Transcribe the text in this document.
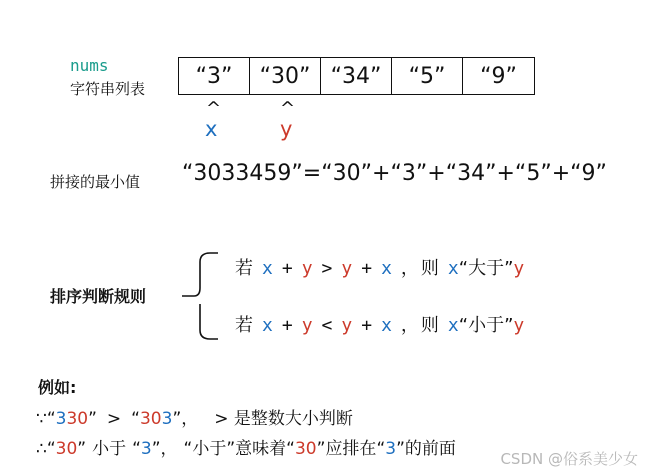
nums
字符串列表
“3”	“30” “34”	“5”	“9”
^
x
^
y
拼接的最小值 “3033459”=“30”+“3”+“34”+“5”+“9”
排序判断规则
若 x + y > y + x ， 则 x“大于”y
若 x + y < y + x ， 则 x“小于”y
例如:
∵“330” > “303”， > 是整数大小判断
∴“30” 小于 “3”， “小于”意味着“30”应排在“3”的前面	CSDN @俗系美少女
